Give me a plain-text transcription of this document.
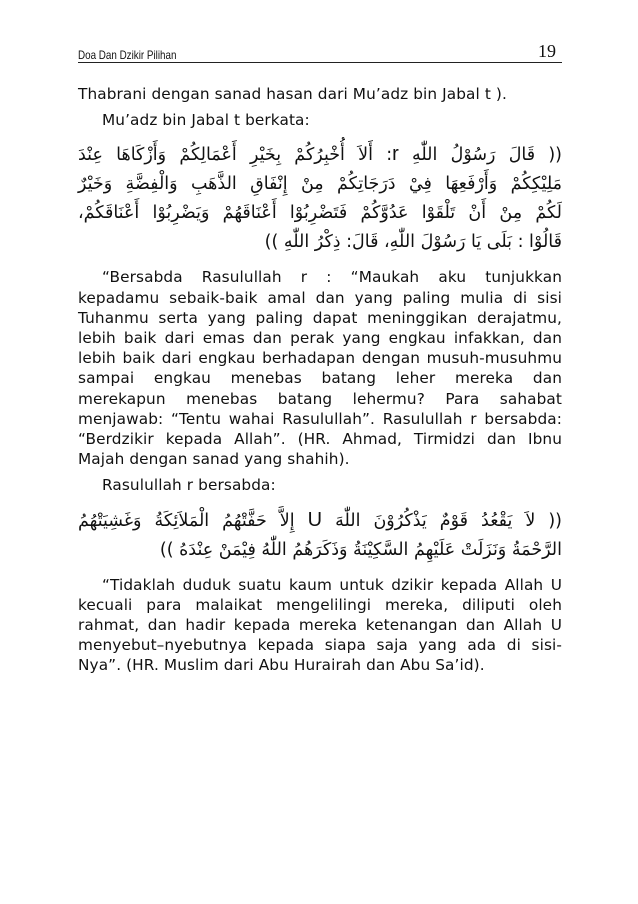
Doa Dan Dzikir Pilihan	19

Thabrani dengan sanad hasan dari Mu’adz bin Jabal t ).

Mu’adz bin Jabal t berkata:

(( قَالَ رَسُوْلُ اللّٰهِ r: أَلاَ أُخْبِرُكُمْ بِخَيْرِ أَعْمَالِكُمْ وَأَزْكَاهَا عِنْدَ

مَلِيْكِكُمْ وَأَرْفَعِهَا فِيْ دَرَجَاتِكُمْ مِنْ إِنْفَاقِ الذَّهَبِ وَالْفِضَّةِ وَخَيْرٌ

لَكُمْ مِنْ أَنْ تَلْقَوْا عَدُوَّكُمْ فَتَضْرِبُوْا أَعْنَاقَهُمْ وَيَضْرِبُوْا أَعْنَاقَكُمْ،

قَالُوْا : بَلَى يَا رَسُوْلَ اللّٰهِ، قَالَ: ذِكْرُ اللّٰهِ ))

“Bersabda Rasulullah r : “Maukah aku tunjukkan kepadamu sebaik-baik amal dan yang paling mulia di sisi Tuhanmu serta yang paling dapat meninggikan derajatmu, lebih baik dari emas dan perak yang engkau infakkan, dan lebih baik dari engkau berhadapan dengan musuh-musuhmu sampai engkau menebas batang leher mereka dan merekapun menebas batang lehermu? Para sahabat menjawab: “Tentu wahai Rasulullah”. Rasulullah r bersabda: “Berdzikir kepada Allah”. (HR. Ahmad, Tirmidzi dan Ibnu Majah dengan sanad yang shahih).

Rasulullah r bersabda:

(( لاَ يَقْعُدُ قَوْمٌ يَذْكُرُوْنَ اللّٰهَ U إِلاَّ حَفَّتْهُمُ الْمَلاَئِكَةُ وَغَشِيَتْهُمُ

الرَّحْمَةُ وَنَزَلَتْ عَلَيْهِمُ السَّكِيْنَةُ وَذَكَرَهُمُ اللّٰهُ فِيْمَنْ عِنْدَهُ ))

“Tidaklah duduk suatu kaum untuk dzikir kepada Allah U kecuali para malaikat mengelilingi mereka, diliputi oleh rahmat, dan hadir kepada mereka ketenangan dan Allah U menyebut–nyebutnya kepada siapa saja yang ada di sisi-Nya”. (HR. Muslim dari Abu Hurairah dan Abu Sa’id).
